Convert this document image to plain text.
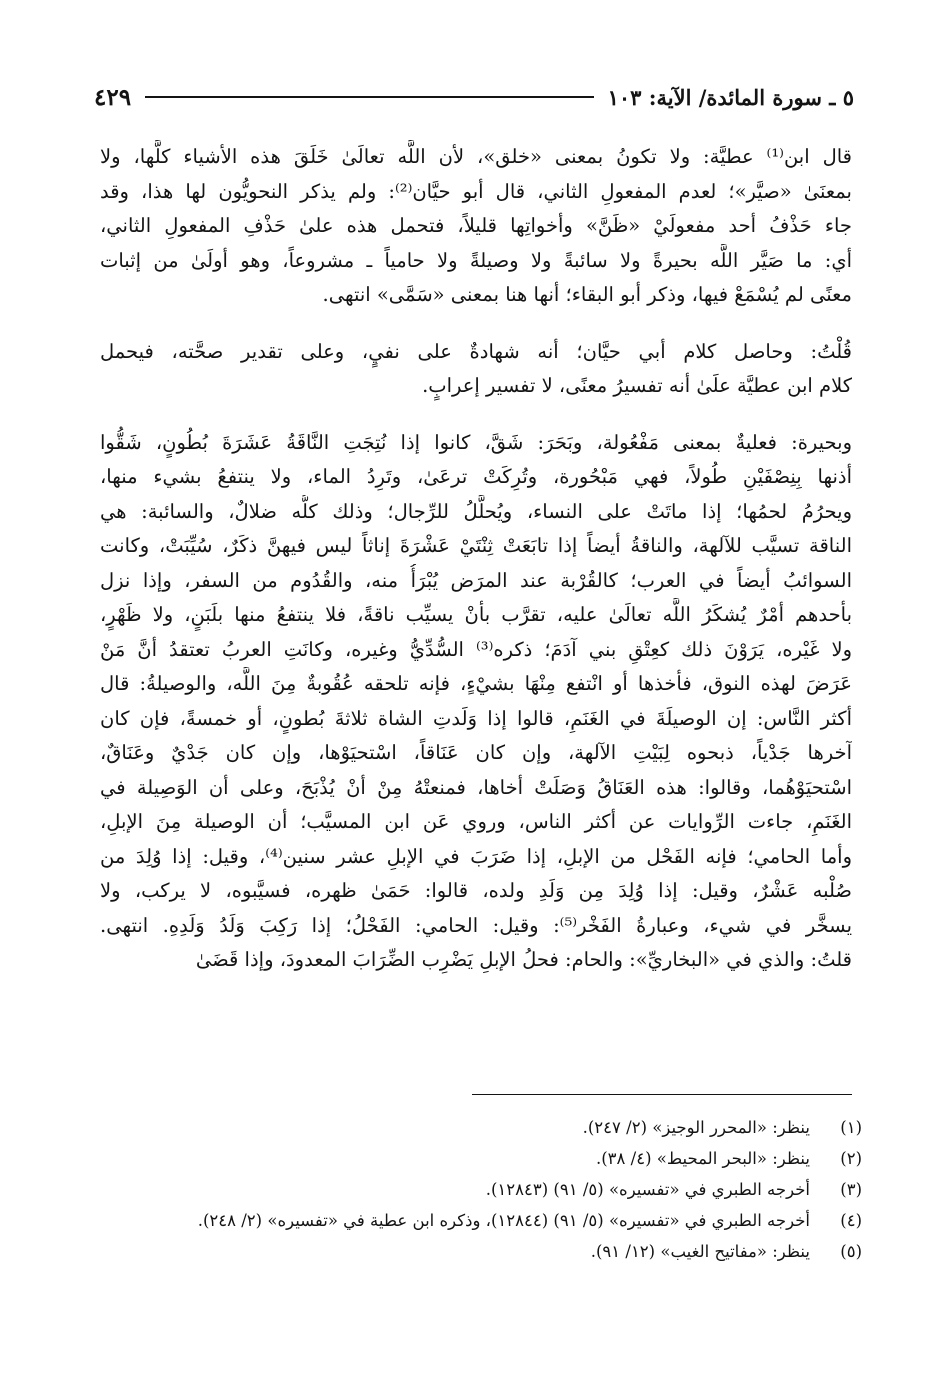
٥ ـ سورة المائدة/ الآية: ١٠٣
٤٢٩

قال ابن⁽¹⁾ عطيَّة: ولا تكونُ بمعنى «خلق»، لأن اللَّه تعالَىٰ خَلَقَ هذه الأشياء كلَّها، ولا
بمعنَىٰ «صيَّر»؛ لعدم المفعولِ الثاني، قال أبو حيَّان⁽²⁾: ولم يذكر النحويُّون لها هذا، وقد
جاء حَذْفُ أحد مفعولَيْ «ظَنَّ» وأخواتِها قليلاً، فتحمل هذه علىٰ حَذْفِ المفعولِ الثاني،
أي: ما صَيَّر اللَّه بحيرةً ولا سائبةً ولا وصيلةً ولا حامياً ـ مشروعاً، وهو أولَىٰ من إثبات
معنًى لم يُسْمَعْ فيها، وذكر أبو البقاء؛ أنها هنا بمعنى «سَمَّى» انتهى.

قُلْتُ: وحاصل كلام أبي حيَّان؛ أنه شهادةٌ على نفيٍ، وعلى تقدير صحَّته، فيحمل
كلام ابن عطيَّة علَىٰ أنه تفسيرُ معنًى، لا تفسير إعرابٍ.

وبحيرة: فعليةٌ بمعنى مَفْعُولة، وبَحَرَ: شَقَّ، كانوا إذا نُتِجَتِ النَّاقَةُ عَشَرَةَ بُطُونٍ، شَقُّوا
أذنها بِنِصْفَيْنِ طُولاً، فهي مَبْحُورة، وتُرِكَتْ ترعَىٰ، وتَرِدُ الماء، ولا ينتفعُ بشيء منها،
ويحرُمُ لحمُها؛ إذا ماتَتْ على النساء، ويُحلَّلُ للرِّجال؛ وذلك كلُّه ضلالٌ، والسائبة: هي
الناقة تسيَّب للآلهة، والناقةُ أيضاً إذا تابَعَتْ ثِنْتَيْ عَشْرَةَ إناثاً ليس فيهنَّ ذكَرٌ، سُيِّبَتْ، وكانت
السوائبُ أيضاً في العرب؛ كالقُرْبة عند المرَض يُبْرَأُ منه، والقُدُوم من السفر، وإذا نزل
بأحدهم أمْرٌ يُشكَرُ اللَّه تعالَىٰ عليه، تقرَّب بأنْ يسيِّب ناقةً، فلا ينتفعُ منها بلَبَنٍ، ولا ظَهْرٍ،
ولا غَيْره، يَرَوْنَ ذلك كعِتْقِ بني آدَمَ؛ ذكره⁽³⁾ السُّدِّيُّ وغيره، وكانَتِ العربُ تعتقدُ أنَّ مَنْ
عَرَضَ لهذه النوق، فأخذها أو انْتفع مِنْهَا بشيْءٍ، فإنه تلحقه عُقُوبةٌ مِنَ اللَّه، والوصيلةُ: قال
أكثر النَّاس: إن الوصيلَةَ في الغَنَمِ، قالوا إذا وَلَدتِ الشاة ثلاثةَ بُطونٍ، أو خمسةً، فإن كان
آخرها جَدْياً، ذبحوه لِبَيْتِ الآلهة، وإن كان عَنَاقاً، اسْتحيَوْها، وإن كان جَدْيٌ وعَنَاقٌ،
اسْتحيَوْهُما، وقالوا: هذه العَنَاقُ وَصَلَتْ أخاها، فمنعتْهُ مِنْ أنْ يُذْبَحَ، وعلى أن الوَصِيلة في
الغَنَمِ، جاءت الرِّوايات عن أكثر الناس، وروي عَن ابن المسيَّب؛ أن الوصيلة مِنَ الإبلِ،
وأما الحامي؛ فإنه الفَحْل من الإبلِ، إذا ضَرَبَ في الإبلِ عشر سنين⁽⁴⁾، وقيل: إذا وُلِدَ من
صُلْبه عَشْرٌ، وقيل: إذا وُلِدَ مِن وَلَدِ ولده، قالوا: حَمَىٰ ظهره، فسيَّبوه، لا يركب، ولا
يسخَّر في شيء، وعبارةُ الفَخْر⁽⁵⁾: وقيل: الحامي: الفَحْلُ؛ إذا رَكِبَ وَلَدُ وَلَدِهِ. انتهى.
قلتُ: والذي في «البخاريِّ»: والحام: فحلُ الإبلِ يَضْرِب الضِّرَابَ المعدودَ، وإذا قَضَىٰ

(١)
ينظر: «المحرر الوجيز» (٢/ ٢٤٧).
(٢)
ينظر: «البحر المحيط» (٤/ ٣٨).
(٣)
أخرجه الطبري في «تفسيره» (٥/ ٩١) (١٢٨٤٣).
(٤)
أخرجه الطبري في «تفسيره» (٥/ ٩١) (١٢٨٤٤)، وذكره ابن عطية في «تفسيره» (٢/ ٢٤٨).
(٥)
ينظر: «مفاتيح الغيب» (١٢/ ٩١).
